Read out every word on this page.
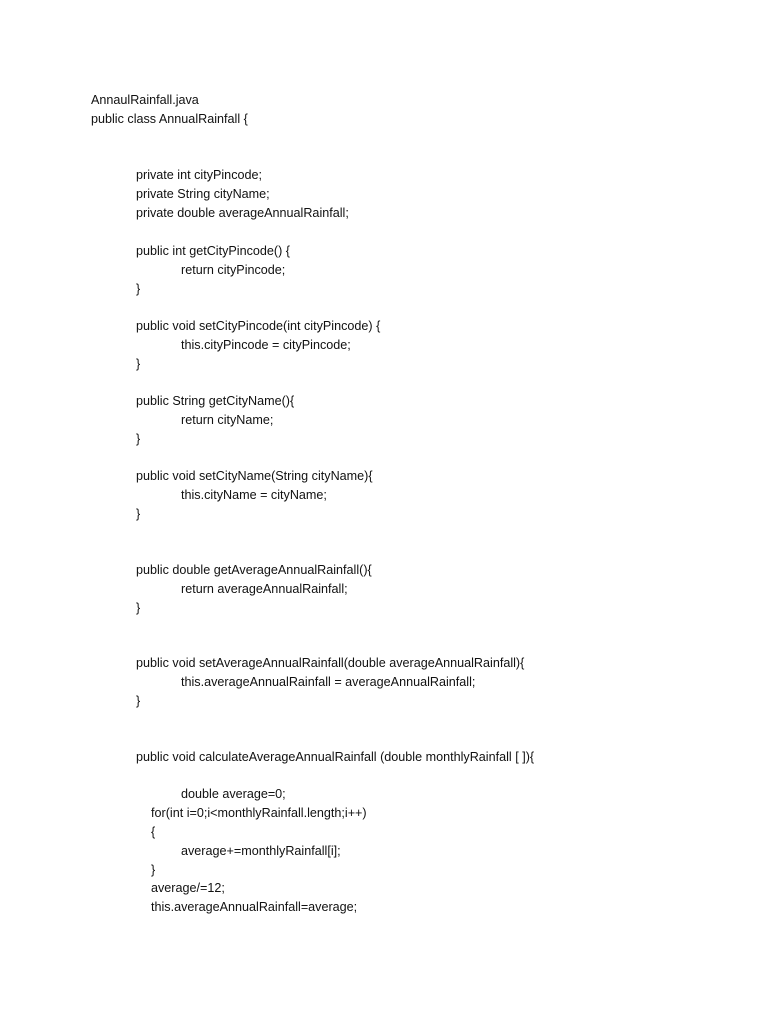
AnnaulRainfall.java
public class AnnualRainfall {
private int cityPincode;
private String cityName;
private double averageAnnualRainfall;
public int getCityPincode() {
return cityPincode;
}
public void setCityPincode(int cityPincode) {
this.cityPincode = cityPincode;
}
public String getCityName(){
return cityName;
}
public void setCityName(String cityName){
this.cityName = cityName;
}
public double getAverageAnnualRainfall(){
return averageAnnualRainfall;
}
public void setAverageAnnualRainfall(double averageAnnualRainfall){
this.averageAnnualRainfall = averageAnnualRainfall;
}
public void calculateAverageAnnualRainfall (double monthlyRainfall [ ]){
double average=0;
for(int i=0;i<monthlyRainfall.length;i++)
{
average+=monthlyRainfall[i];
}
average/=12;
this.averageAnnualRainfall=average;
